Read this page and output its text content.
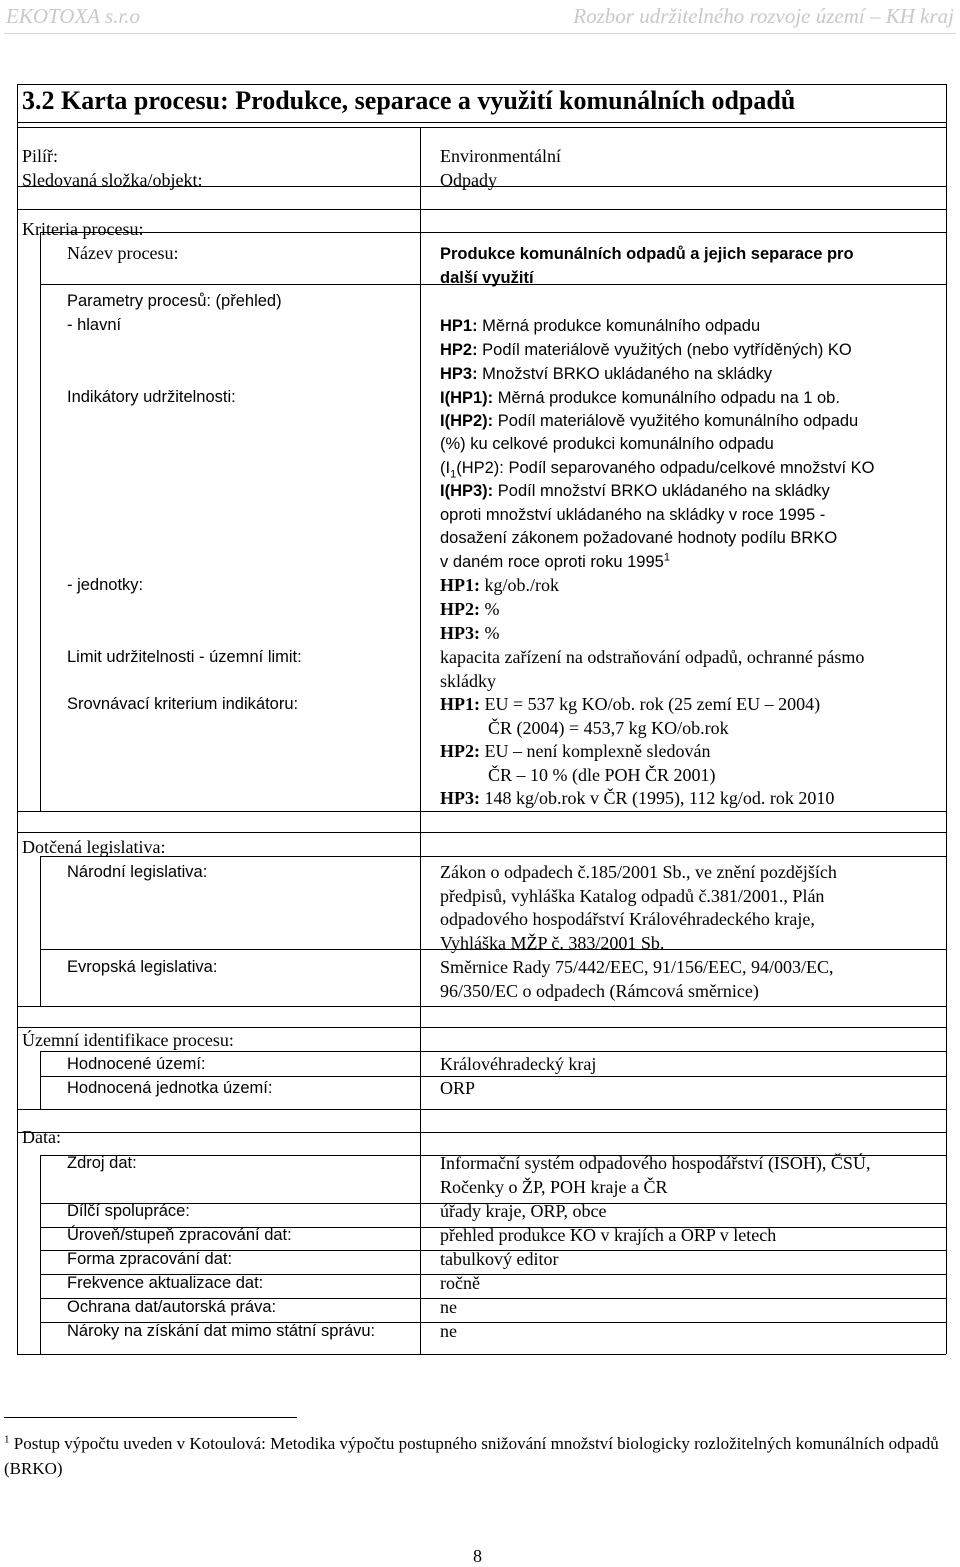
EKOTOXA s.r.o	Rozbor udržitelného rozvoje území – KH kraj
3.2 Karta procesu: Produkce, separace a využití komunálních odpadů
Pilíř:	Environmentální
Sledovaná složka/objekt:	Odpady
Kriteria procesu:
Název procesu:	Produkce komunálních odpadů a jejich separace pro
další využití
Parametry procesů: (přehled)
- hlavní	HP1: Měrná produkce komunálního odpadu
HP2: Podíl materiálově využitých (nebo vytříděných) KO
HP3: Množství BRKO ukládaného na skládky
Indikátory udržitelnosti:	I(HP1): Měrná produkce komunálního odpadu na 1 ob.
I(HP2): Podíl materiálově využitého komunálního odpadu
(%) ku celkové produkci komunálního odpadu
($I_1(HP2)$: Podíl separovaného odpadu/celkové množství KO
I(HP3): Podíl množství BRKO ukládaného na skládky
oproti množství ukládaného na skládky v roce 1995 -
dosažení zákonem požadované hodnoty podílu BRKO
v daném roce oproti roku 1995$^1$
- jednotky:	HP1: kg/ob./rok
HP2: %
HP3: %
Limit udržitelnosti - územní limit:	kapacita zařízení na odstraňování odpadů, ochranné pásmo
skládky
Srovnávací kriterium indikátoru:	HP1: EU = 537 kg KO/ob. rok (25 zemí EU – 2004)
ČR (2004) = 453,7 kg KO/ob.rok
HP2: EU – není komplexně sledován
ČR – 10 % (dle POH ČR 2001)
HP3: 148 kg/ob.rok v ČR (1995), 112 kg/od. rok 2010
Dotčená legislativa:
Národní legislativa:	Zákon o odpadech č.185/2001 Sb., ve znění pozdějších
předpisů, vyhláška Katalog odpadů č.381/2001., Plán
odpadového hospodářství Královéhradeckého kraje,
Vyhláška MŽP č. 383/2001 Sb.
Evropská legislativa:	Směrnice Rady 75/442/EEC, 91/156/EEC, 94/003/EC,
96/350/EC o odpadech (Rámcová směrnice)
Územní identifikace procesu:
Hodnocené území:	Královéhradecký kraj
Hodnocená jednotka území:	ORP
Data:
Zdroj dat:	Informační systém odpadového hospodářství (ISOH), ČSÚ,
Ročenky o ŽP, POH kraje a ČR
Dílčí spolupráce:	úřady kraje, ORP, obce
Úroveň/stupeň zpracování dat:	přehled produkce KO v krajích a ORP v letech
Forma zpracování dat:	tabulkový editor
Frekvence aktualizace dat:	ročně
Ochrana dat/autorská práva:	ne
Nároky na získání dat mimo státní správu:	ne
$^1$ Postup výpočtu uveden v Kotoulová: Metodika výpočtu postupného snižování množství biologicky rozložitelných komunálních odpadů (BRKO)
8
